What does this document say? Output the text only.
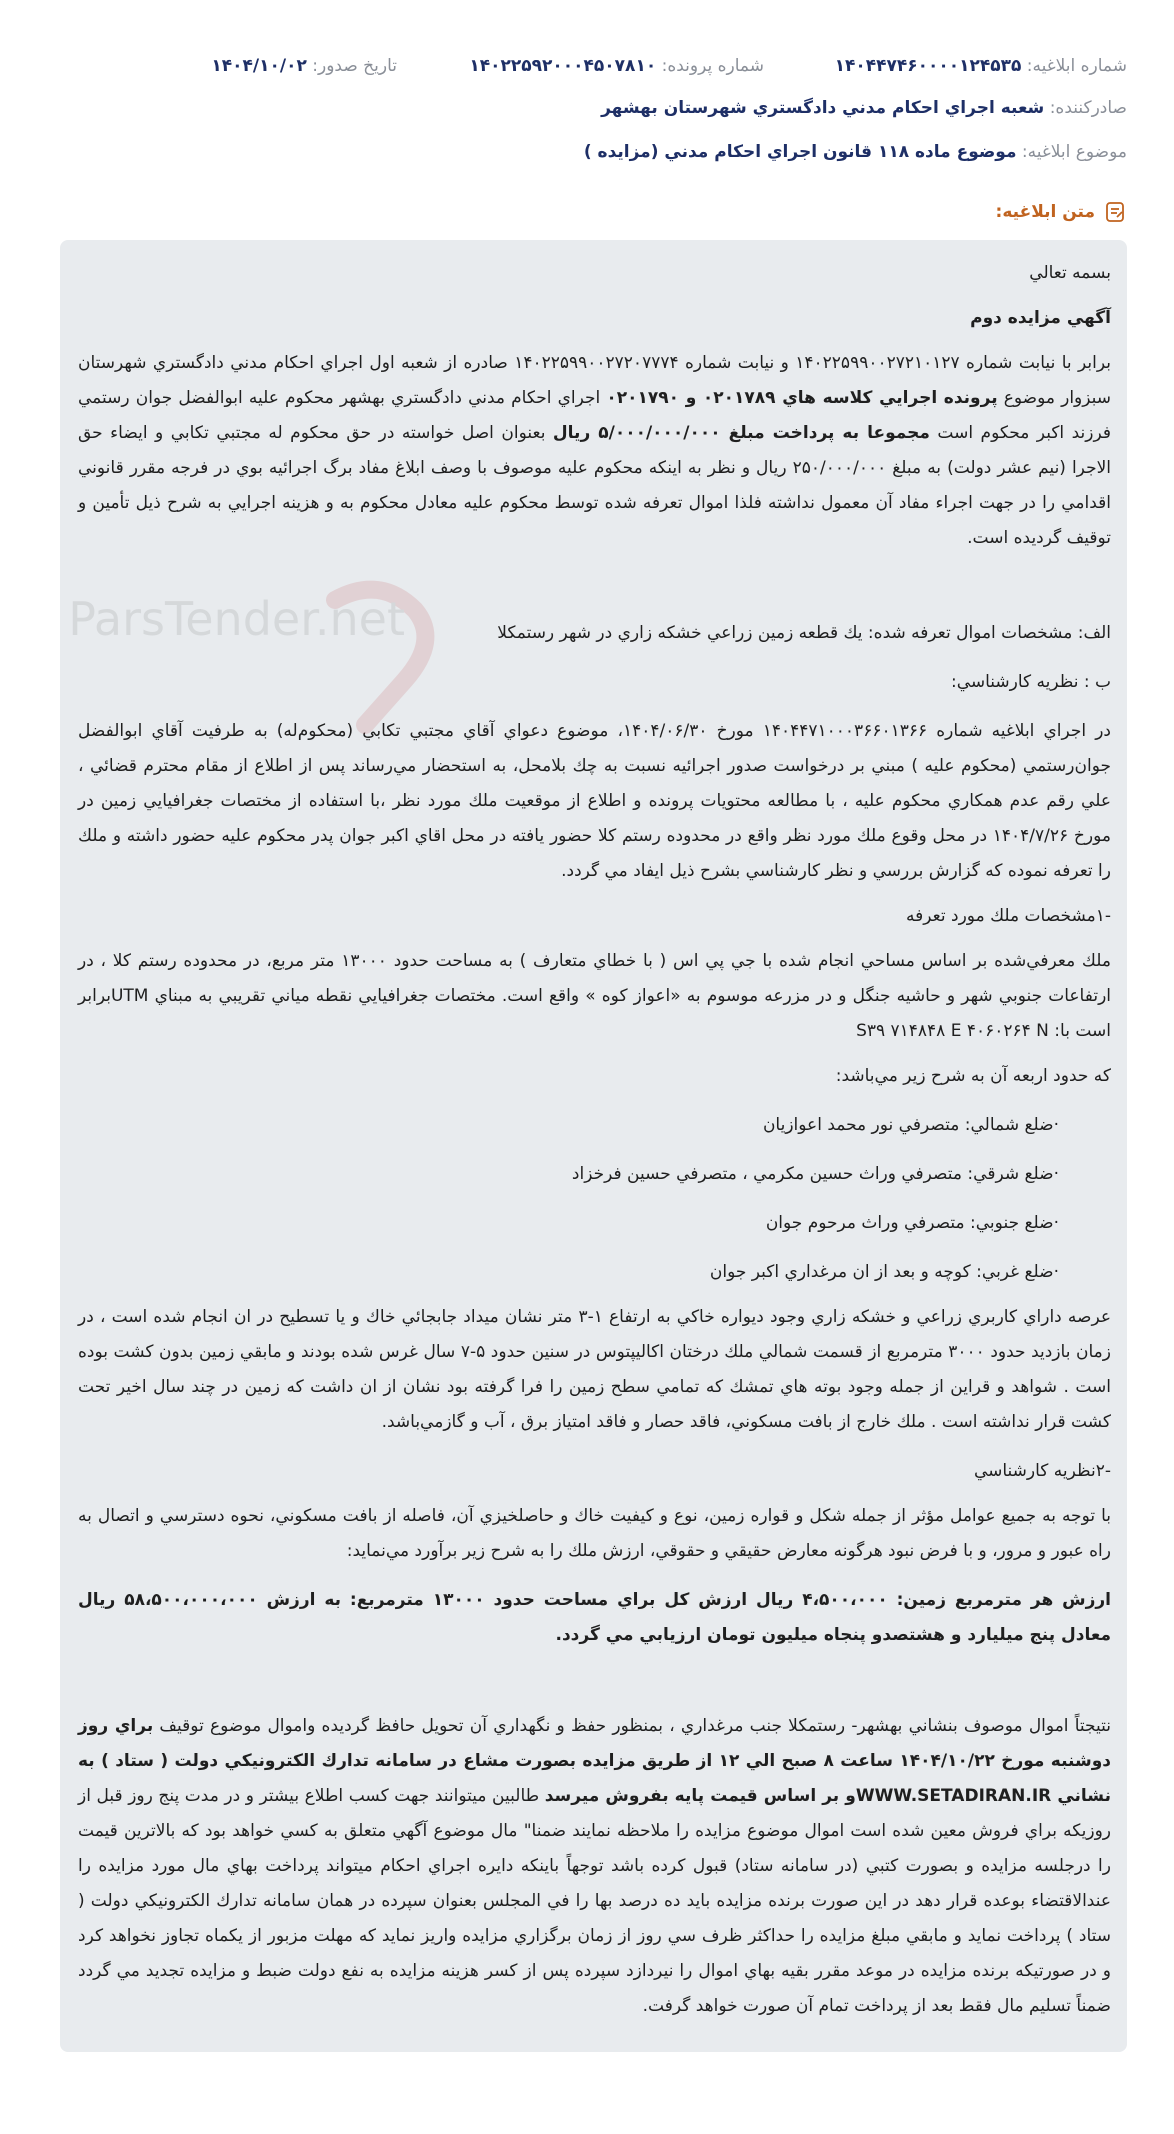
شماره ابلاغیه: ۱۴۰۴۴۷۴۶۰۰۰۰۱۲۴۵۳۵
شماره پرونده: ۱۴۰۲۲۵۹۲۰۰۰۴۵۰۷۸۱۰
تاریخ صدور: ۱۴۰۴/۱۰/۰۲
صادرکننده: شعبه اجراي احكام مدني دادگستري شهرستان بهشهر
موضوع ابلاغیه: موضوع ماده ۱۱۸ قانون اجراي احكام مدني (مزايده )
متن ابلاغیه:
ParsTender.net

بسمه تعالي

آگهي مزايده دوم

برابر با نيابت شماره ۱۴۰۲۲۵۹۹۰۰۲۷۲۱۰۱۲۷ و نيابت شماره ۱۴۰۲۲۵۹۹۰۰۲۷۲۰۷۷۷۴ صادره از شعبه اول اجراي احكام مدني دادگستري شهرستان سبزوار موضوع پرونده اجرايي كلاسه هاي ۰۲۰۱۷۸۹ و ۰۲۰۱۷۹۰ اجراي احكام مدني دادگستري بهشهر محكوم عليه ابوالفضل جوان رستمي فرزند اكبر محكوم است مجموعا به پرداخت مبلغ ۵/۰۰۰/۰۰۰/۰۰۰ ريال بعنوان اصل خواسته در حق محكوم له مجتبي تكابي و ايضاء حق الاجرا (نيم عشر دولت) به مبلغ ۲۵۰/۰۰۰/۰۰۰ ريال و نظر به اينكه محكوم عليه موصوف با وصف ابلاغ مفاد برگ اجرائيه بوي در فرجه مقرر قانوني اقدامي را در جهت اجراء مفاد آن معمول نداشته فلذا اموال تعرفه شده توسط محكوم عليه معادل محكوم به و هزينه اجرايي به شرح ذيل تأمين و توقيف گرديده است.

الف: مشخصات اموال تعرفه شده: يك قطعه زمين زراعي خشكه زاري در شهر رستمكلا

ب : نظريه كارشناسي:

در اجراي ابلاغيه شماره ۱۴۰۴۴۷۱۰۰۰۳۶۶۰۱۳۶۶ مورخ ۱۴۰۴/۰۶/۳۰، موضوع دعواي آقاي مجتبي تكابي (محكوم‌له) به طرفيت آقاي ابوالفضل جوان‌رستمي (محكوم عليه ) مبني بر درخواست صدور اجرائيه نسبت به چك بلامحل، به استحضار مي‌رساند پس از اطلاع از مقام محترم قضائي ، علي رقم عدم همكاري محكوم عليه ، با مطالعه محتويات پرونده و اطلاع از موقعيت ملك مورد نظر ،با استفاده از مختصات جغرافيايي زمين در مورخ ۱۴۰۴/۷/۲۶ در محل وقوع ملك مورد نظر واقع در محدوده رستم كلا حضور يافته در محل اقاي اكبر جوان پدر محكوم عليه حضور داشته و ملك را تعرفه نموده كه گزارش بررسي و نظر كارشناسي بشرح ذيل ايفاد مي گردد.

-۱مشخصات ملك مورد تعرفه

ملك معرفي‌شده بر اساس مساحي انجام شده با جي پي اس ( با خطاي متعارف ) به مساحت حدود ۱۳۰۰۰ متر مربع، در محدوده رستم كلا ، در ارتفاعات جنوبي شهر و حاشيه جنگل و در مزرعه موسوم به «اعواز كوه » واقع است. مختصات جغرافيايي نقطه مياني تقريبي به مبناي UTMبرابر است با: S۳۹ ۷۱۴۸۴۸ E ۴۰۶۰۲۶۴ N

كه حدود اربعه آن به شرح زير مي‌باشد:

·ضلع شمالي: متصرفي نور محمد اعوازيان

·ضلع شرقي: متصرفي وراث حسين مكرمي ، متصرفي حسين فرخزاد

·ضلع جنوبي: متصرفي وراث مرحوم جوان

·ضلع غربي: كوچه و بعد از ان مرغداري اكبر جوان

عرصه داراي كاربري زراعي و خشكه زاري وجود ديواره خاكي به ارتفاع ۱-۳ متر نشان ميداد جابجائي خاك و يا تسطيح در ان انجام شده است ، در زمان بازديد حدود ۳۰۰۰ مترمربع از قسمت شمالي ملك درختان اكاليپتوس در سنين حدود ۵-۷ سال غرس شده بودند و مابقي زمين بدون كشت بوده است . شواهد و قراين از جمله وجود بوته هاي تمشك كه تمامي سطح زمين را فرا گرفته بود نشان از ان داشت كه زمين در چند سال اخير تحت كشت قرار نداشته است . ملك خارج از بافت مسكوني، فاقد حصار و فاقد امتياز برق ، آب و گازمي‌باشد.

-۲نظريه كارشناسي

با توجه به جميع عوامل مؤثر از جمله شكل و قواره زمين، نوع و كيفيت خاك و حاصلخيزي آن، فاصله از بافت مسكوني، نحوه دسترسي و اتصال به راه عبور و مرور، و با فرض نبود هرگونه معارض حقيقي و حقوقي، ارزش ملك را به شرح زير برآورد مي‌نمايد:

ارزش هر مترمربع زمين: ۴،۵۰۰،۰۰۰ ريال ارزش كل براي مساحت حدود ۱۳۰۰۰ مترمربع: به ارزش ۵۸،۵۰۰،۰۰۰،۰۰۰ ريال معادل پنج ميليارد و هشتصدو پنجاه ميليون تومان ارزيابي مي گردد.

نتيجتاً اموال موصوف بنشاني بهشهر- رستمكلا جنب مرغداري ، بمنظور حفظ و نگهداري آن تحويل حافظ گرديده واموال موضوع توقيف براي روز دوشنبه مورخ ۱۴۰۴/۱۰/۲۲ ساعت ۸ صبح الي ۱۲ از طريق مزايده بصورت مشاع در سامانه تدارك الكترونيكي دولت ( ستاد ) به نشاني WWW.SETADIRAN.IRو بر اساس قيمت پايه بفروش ميرسد طالبين ميتوانند جهت كسب اطلاع بيشتر و در مدت پنج روز قبل از روزيكه براي فروش معين شده است اموال موضوع مزايده را ملاحظه نمايند ضمنا" مال موضوع آگهي متعلق به كسي خواهد بود كه بالاترين قيمت را درجلسه مزايده و بصورت كتبي (در سامانه ستاد) قبول كرده باشد توجهاً باينكه دايره اجراي احكام ميتواند پرداخت بهاي مال مورد مزايده را عندالاقتضاء بوعده قرار دهد در اين صورت برنده مزايده بايد ده درصد بها را في المجلس بعنوان سپرده در همان سامانه تدارك الكترونيكي دولت ( ستاد ) پرداخت نمايد و مابقي مبلغ مزايده را حداكثر ظرف سي روز از زمان برگزاري مزايده واريز نمايد كه مهلت مزبور از يكماه تجاوز نخواهد كرد و در صورتيكه برنده مزايده در موعد مقرر بقيه بهاي اموال را نيردازد سپرده پس از كسر هزينه مزايده به نفع دولت ضبط و مزايده تجديد مي گردد ضمناً تسليم مال فقط بعد از پرداخت تمام آن صورت خواهد گرفت.
